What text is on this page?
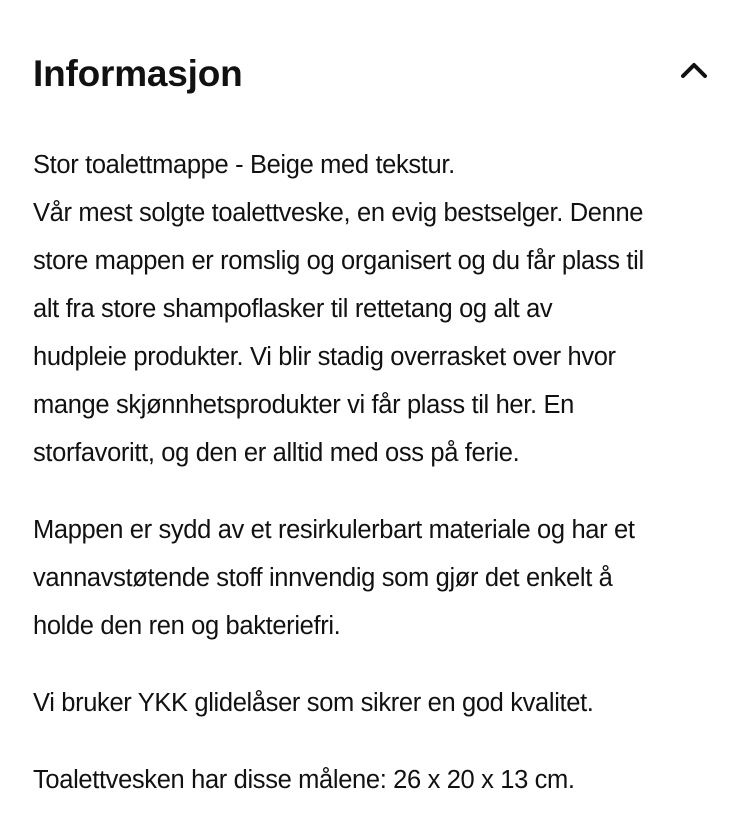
Informasjon

Stor toalettmappe - Beige med tekstur.
Vår mest solgte toalettveske, en evig bestselger. Denne
store mappen er romslig og organisert og du får plass til
alt fra store shampoflasker til rettetang og alt av
hudpleie produkter. Vi blir stadig overrasket over hvor
mange skjønnhetsprodukter vi får plass til her. En
storfavoritt, og den er alltid med oss på ferie.

Mappen er sydd av et resirkulerbart materiale og har et
vannavstøtende stoff innvendig som gjør det enkelt å
holde den ren og bakteriefri.

Vi bruker YKK glidelåser som sikrer en god kvalitet.

Toalettvesken har disse målene: 26 x 20 x 13 cm.
